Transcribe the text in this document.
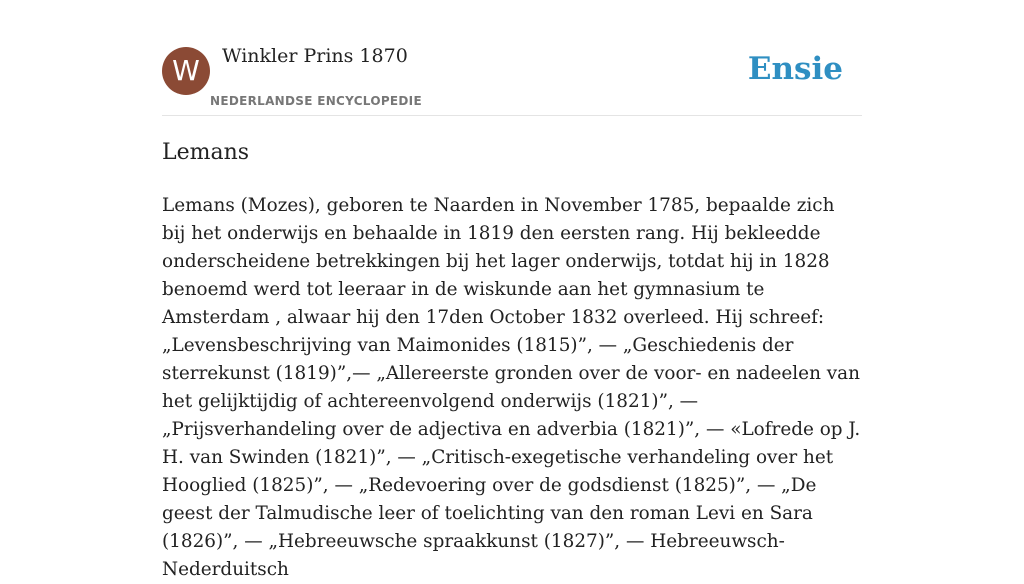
W	Winkler Prins 1870
NEDERLANDSE ENCYCLOPEDIE
Ensie
Lemans

Lemans (Mozes), geboren te Naarden in November 1785, bepaalde zich bij het onderwijs en behaalde in 1819 den eersten rang. Hij bekleedde onderscheidene betrekkingen bij het lager onderwijs, totdat hij in 1828 benoemd werd tot leeraar in de wiskunde aan het gymnasium te Amsterdam , alwaar hij den 17den October 1832 overleed. Hij schreef: „Levensbeschrijving van Maimonides (1815)”, — „Geschiedenis der sterrekunst (1819)”,— „Allereerste gronden over de voor- en nadeelen van het gelijktijdig of achtereenvolgend onderwijs (1821)”, — „Prijsverhandeling over de adjectiva en adverbia (1821)”, — «Lofrede op J. H. van Swinden (1821)”, — „Critisch-exegetische verhandeling over het Hooglied (1825)”, — „Redevoering over de godsdienst (1825)”, — „De geest der Talmudische leer of toelichting van den roman Levi en Sara (1826)”, — „Hebreeuwsche spraakkunst (1827)”, — Hebreeuwsch-Nederduitsch
